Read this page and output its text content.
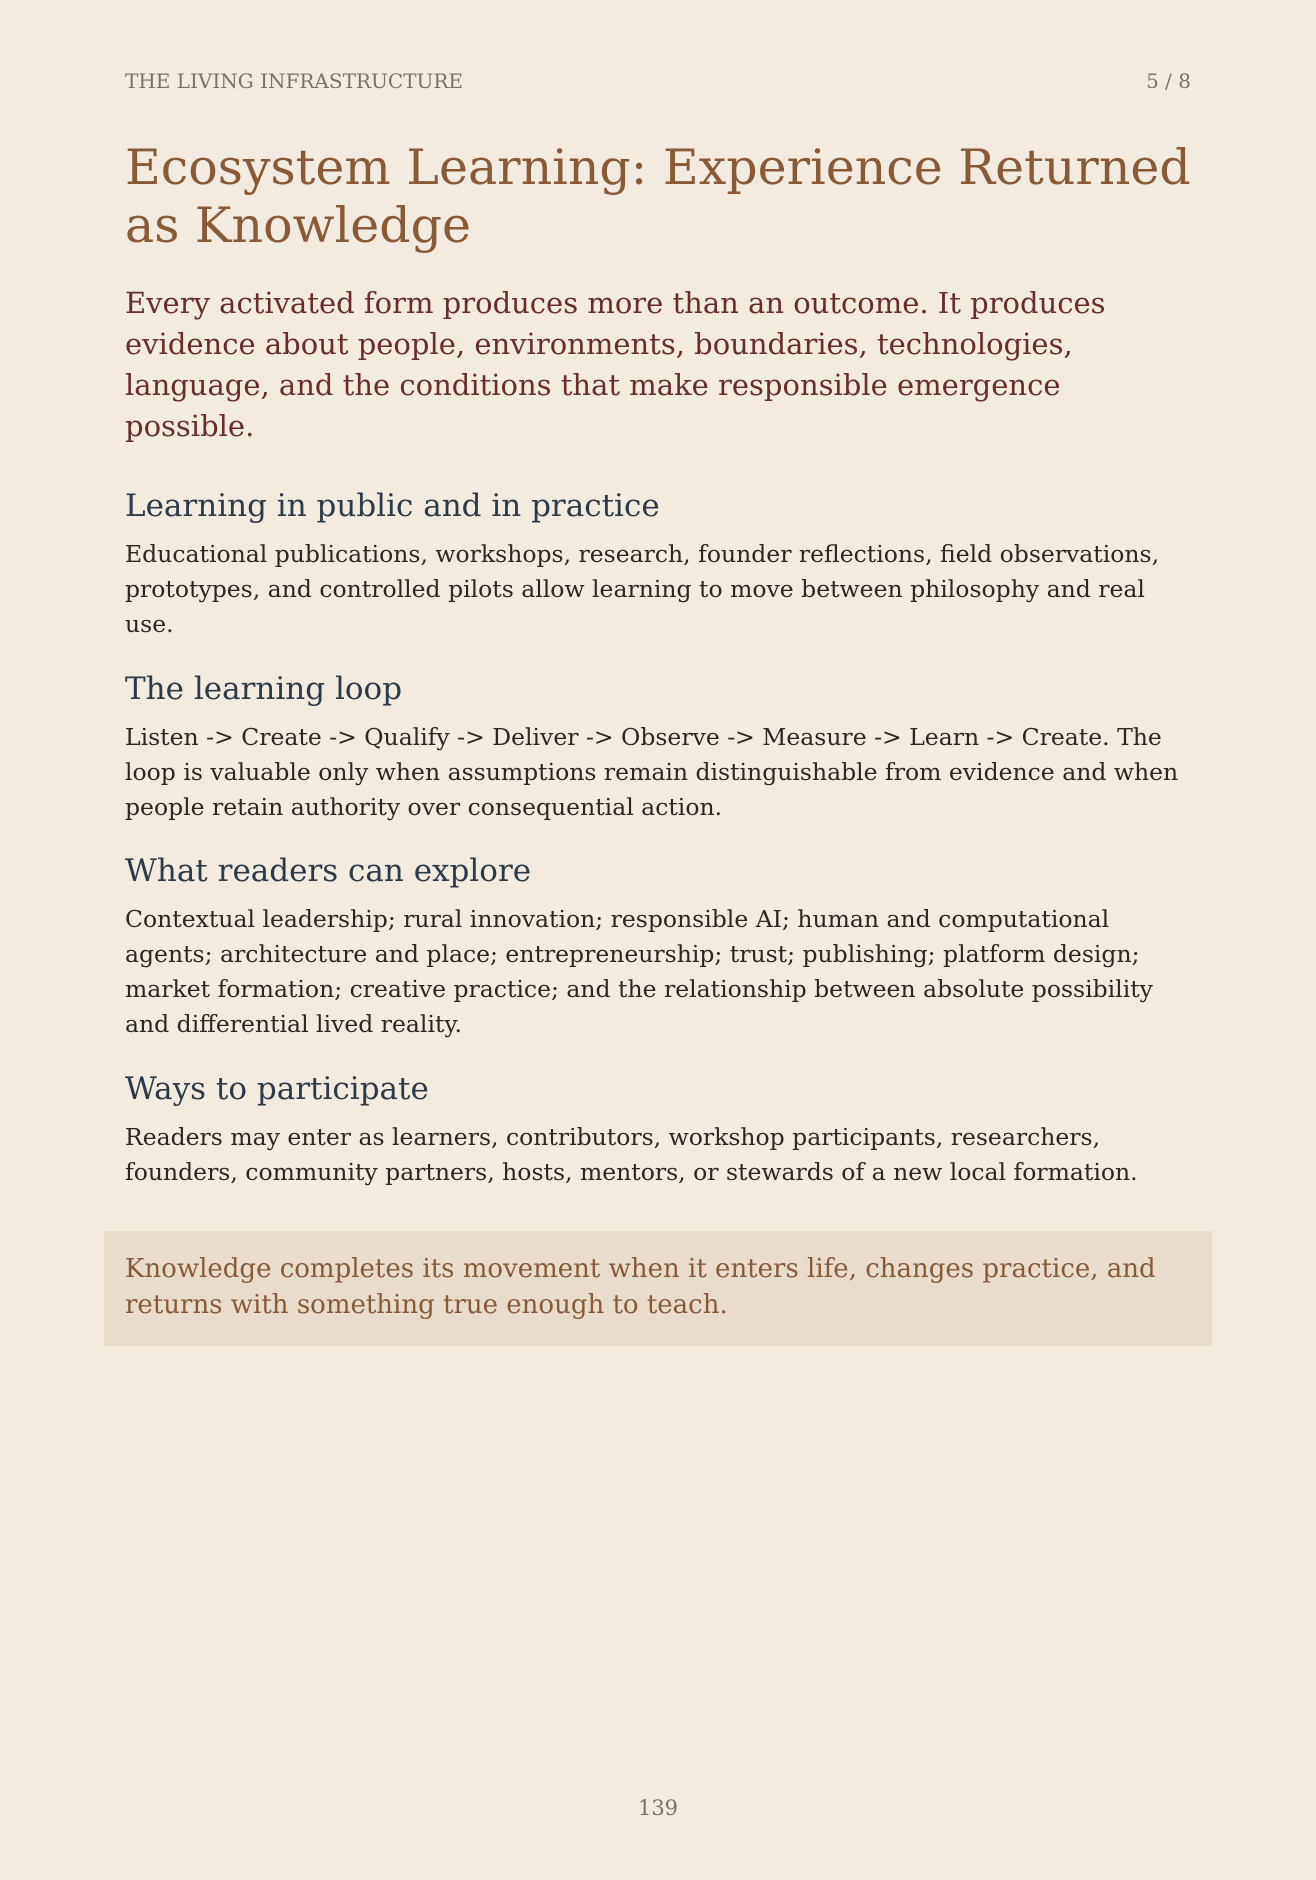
THE LIVING INFRASTRUCTURE	5 / 8
Ecosystem Learning: Experience Returned as Knowledge

Every activated form produces more than an outcome. It produces evidence about people, environments, boundaries, technologies, language, and the conditions that make responsible emergence possible.

Learning in public and in practice

Educational publications, workshops, research, founder reflections, field observations, prototypes, and controlled pilots allow learning to move between philosophy and real use.

The learning loop

Listen -> Create -> Qualify -> Deliver -> Observe -> Measure -> Learn -> Create. The loop is valuable only when assumptions remain distinguishable from evidence and when people retain authority over consequential action.

What readers can explore

Contextual leadership; rural innovation; responsible AI; human and computational agents; architecture and place; entrepreneurship; trust; publishing; platform design; market formation; creative practice; and the relationship between absolute possibility and differential lived reality.

Ways to participate

Readers may enter as learners, contributors, workshop participants, researchers, founders, community partners, hosts, mentors, or stewards of a new local formation.

Knowledge completes its movement when it enters life, changes practice, and returns with something true enough to teach.
139
